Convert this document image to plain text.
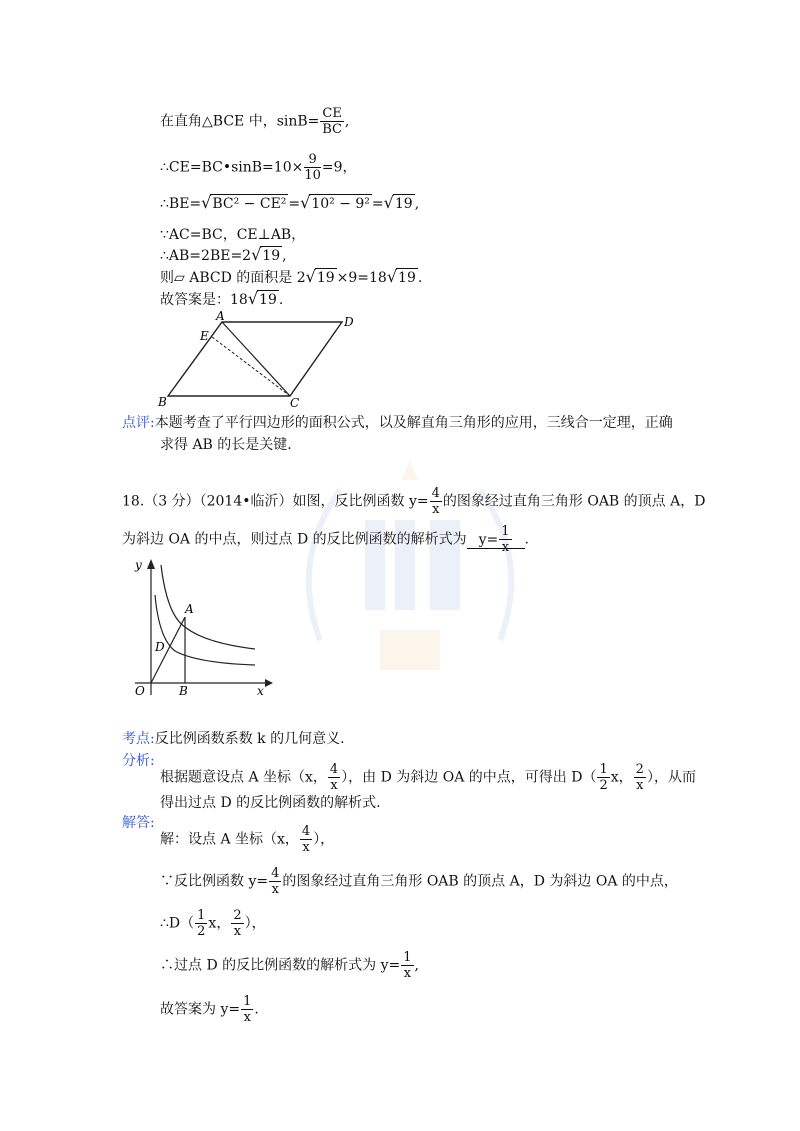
在直角△BCE 中，$\sin B= \frac{CE}{BC}$ ,
∴CE=BC•sinB=10× $\frac{9}{10} =9$，
∴BE=√BC² − CE² =√10² − 9² =√19 ,
∵AC=BC，CE⊥AB，
∴AB=2BE=2√19 ,
则▱ ABCD 的面积是 2√19 ×9=18√19 .
故答案是：18√19 .
A	D
E
B	C
点评:本题考查了平行四边形的面积公式，以及解直角三角形的应用，三线合一定理，正确
求得 AB 的长是关键.
18.（3 分）（2014•临沂）如图，反比例函数 $y= \frac{4}{x}$ 的图象经过直角三角形 OAB 的顶点 A，D
为斜边 OA 的中点，则过点 D 的反比例函数的解析式为 $y= \frac{1}{x}$ .
y
x
O	B
A
D
考点:反比例函数系数 k 的几何意义.
分析:
根据题意设点 A 坐标（x， $\frac{4}{x}$ ），由 D 为斜边 OA 的中点，可得出 $D( \frac{1}{2}$ x， $\frac{2}{x}$ ），从而
得出过点 D 的反比例函数的解析式.
解答:
解：设点 A 坐标（x， $\frac{4}{x}$ ），
∵反比例函数 $y= \frac{4}{x}$ 的图象经过直角三角形 OAB 的顶点 A，D 为斜边 OA 的中点，
∴D（ $\frac{1}{2}$ x， $\frac{2}{x}$ ），
∴过点 D 的反比例函数的解析式为 $y= \frac{1}{x}$ ,
故答案为 $y= \frac{1}{x}$ .
